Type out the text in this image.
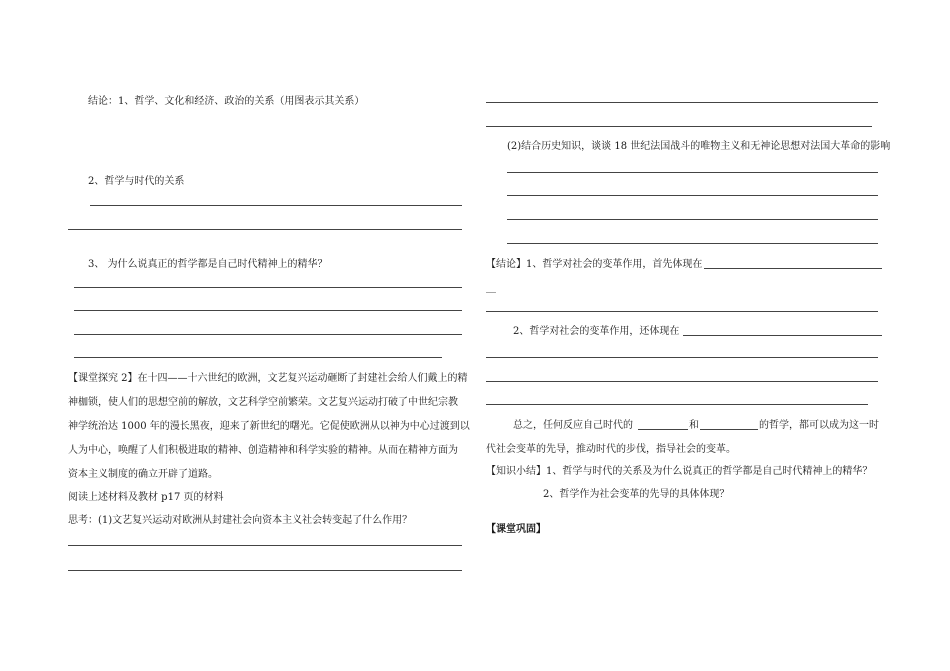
结论：1、哲学、文化和经济、政治的关系（用图表示其关系）
2、哲学与时代的关系
3、 为什么说真正的哲学都是自己时代精神上的精华？
【课堂探究 2】在十四——十六世纪的欧洲，文艺复兴运动砸断了封建社会给人们戴上的精
神枷锁，使人们的思想空前的解放，文艺科学空前繁荣。文艺复兴运动打破了中世纪宗教
神学统治达 1000 年的漫长黑夜，迎来了新世纪的曙光。它促使欧洲从以神为中心过渡到以
人为中心，唤醒了人们积极进取的精神、创造精神和科学实验的精神。从而在精神方面为
资本主义制度的确立开辟了道路。
阅读上述材料及教材 p17 页的材料
思考：(1)文艺复兴运动对欧洲从封建社会向资本主义社会转变起了什么作用？
(2)结合历史知识，谈谈 18 世纪法国战斗的唯物主义和无神论思想对法国大革命的影响
【结论】1、哲学对社会的变革作用，首先体现在
__
2、哲学对社会的变革作用，还体现在
总之，任何反应自己时代的	和	的哲学，都可以成为这一时
代社会变革的先导，推动时代的步伐，指导社会的变革。
【知识小结】1、哲学与时代的关系及为什么说真正的哲学都是自己时代精神上的精华？
2、哲学作为社会变革的先导的具体体现？
【课堂巩固】
